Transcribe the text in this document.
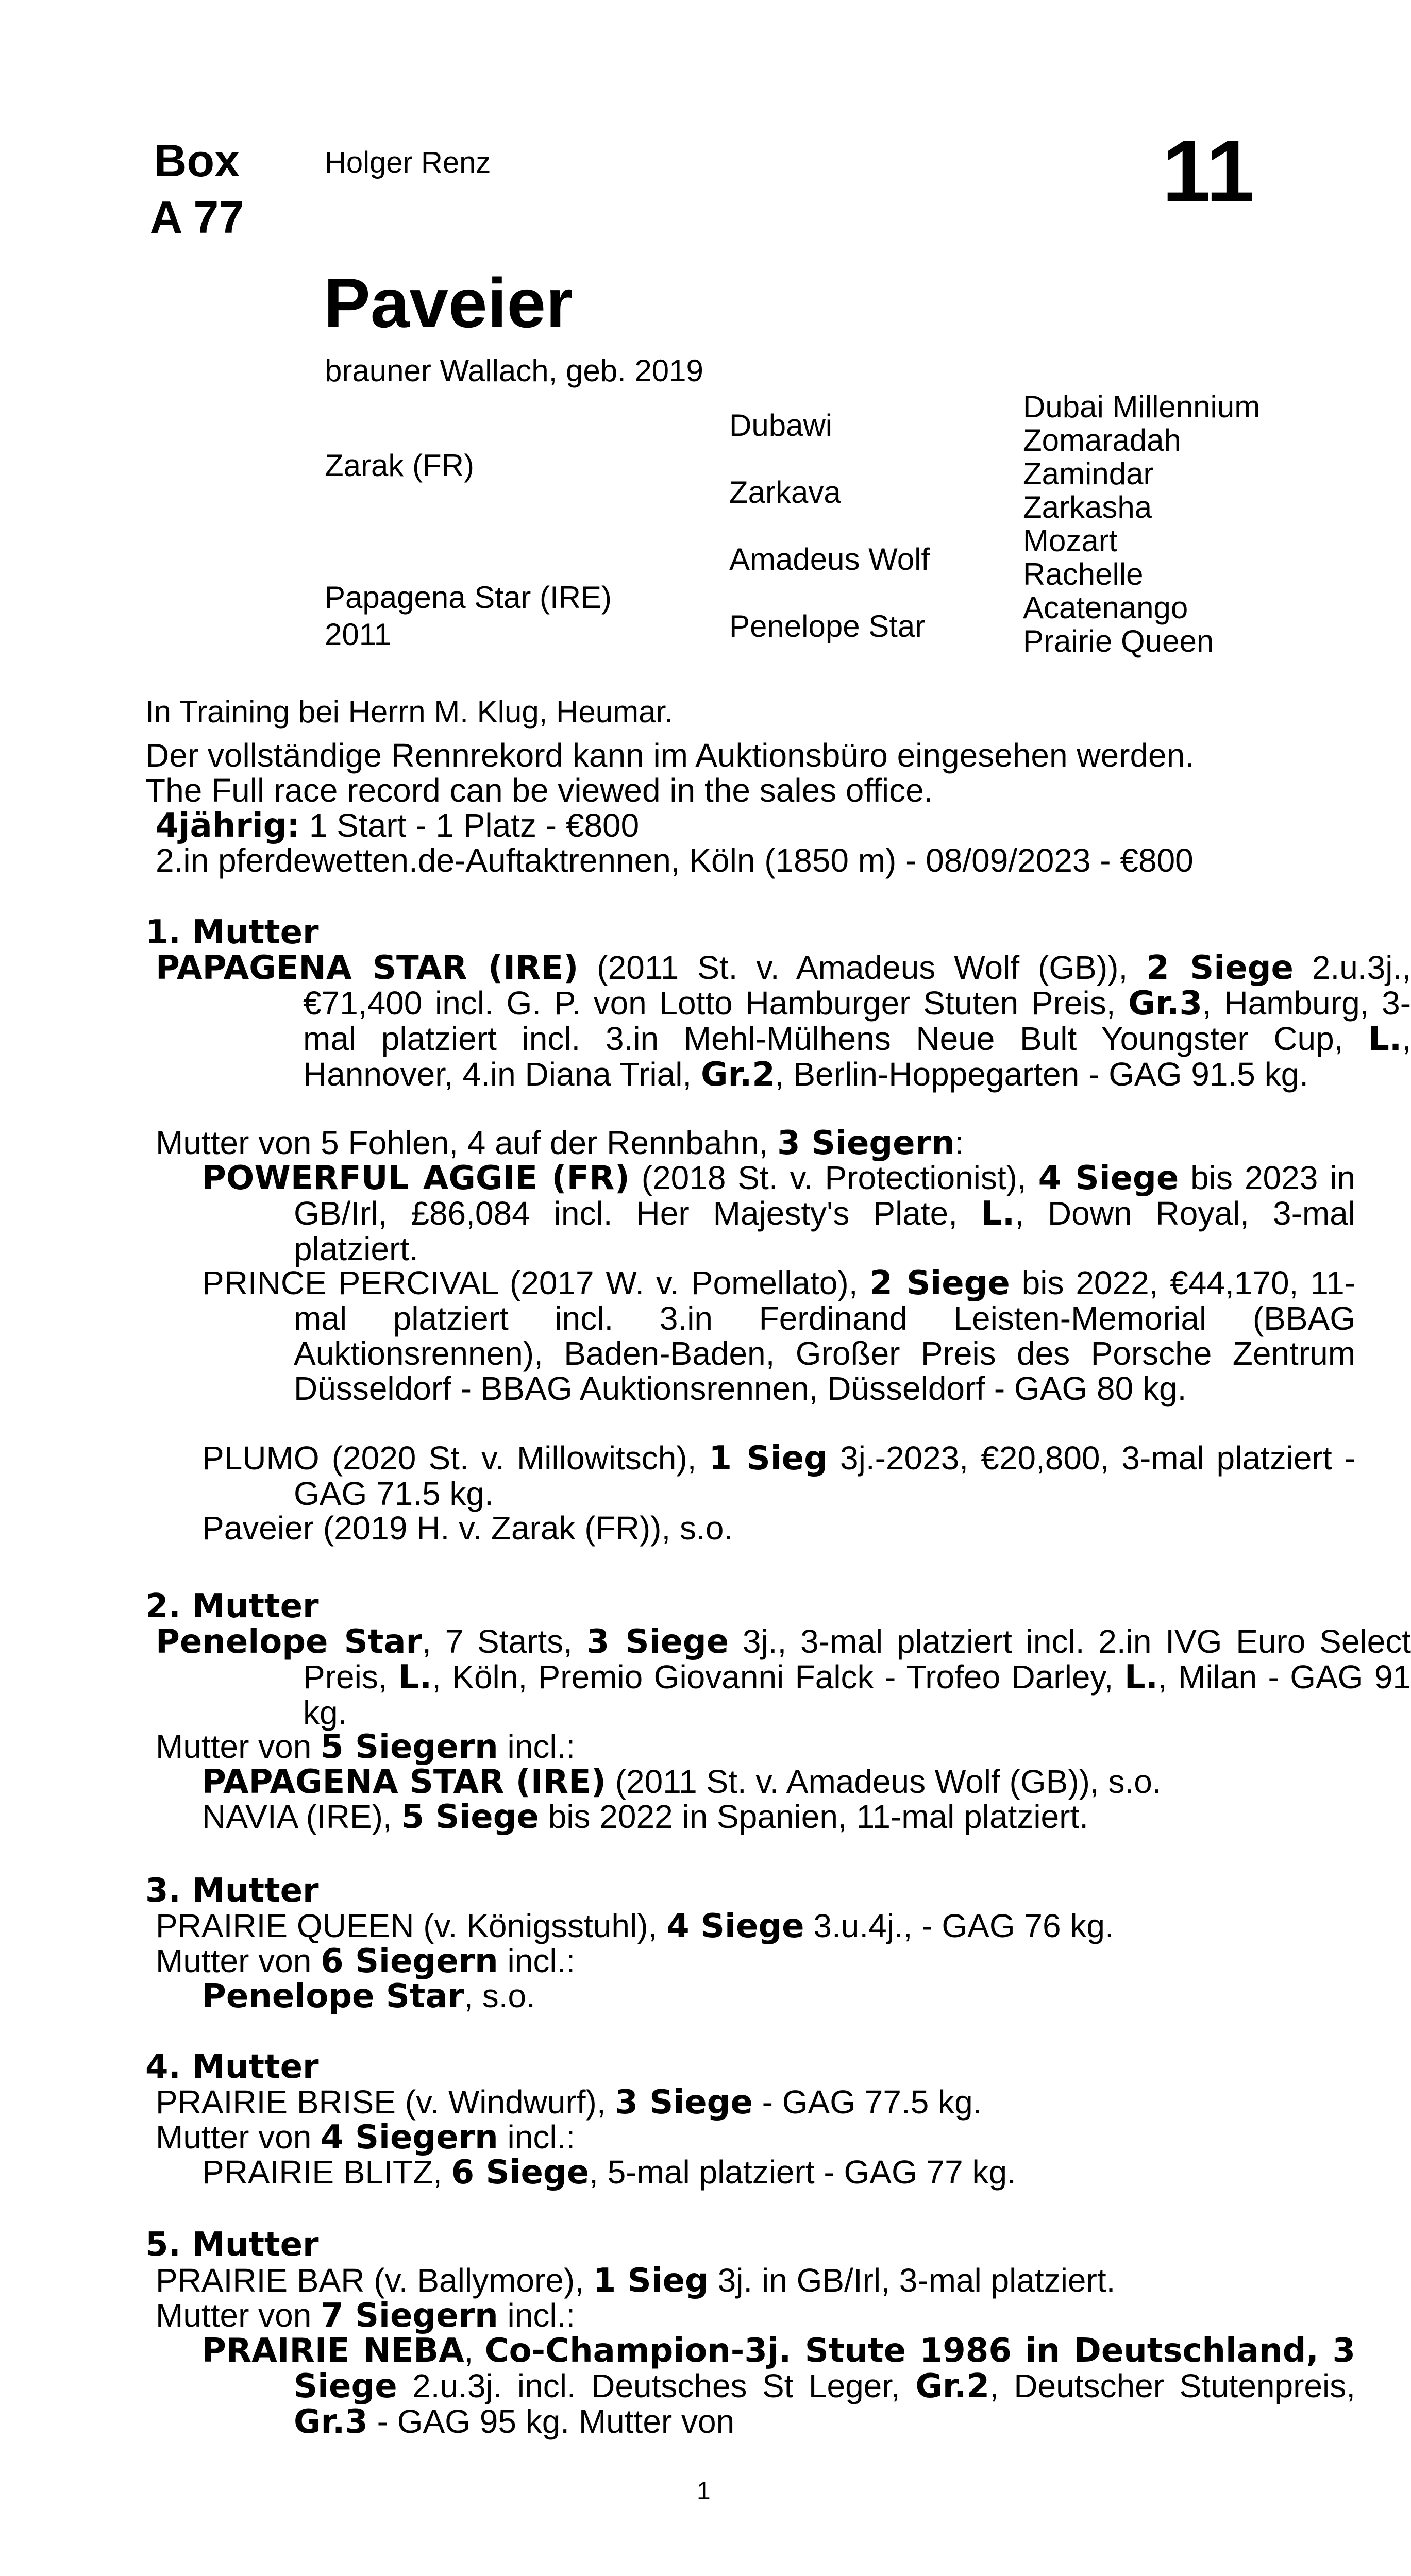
Box
A 77
Holger Renz	11
Paveier
brauner Wallach, geb. 2019
Zarak (FR)
Papagena Star (IRE)
2011
Dubawi
Zarkava
Amadeus Wolf
Penelope Star
Dubai Millennium
Zomaradah
Zamindar
Zarkasha
Mozart
Rachelle
Acatenango
Prairie Queen
In Training bei Herrn M. Klug, Heumar.
Der vollständige Rennrekord kann im Auktionsbüro eingesehen werden.
The Full race record can be viewed in the sales office.
4jährig: 1 Start - 1 Platz - €800
2.in pferdewetten.de-Auftaktrennen, Köln (1850 m) - 08/09/2023 - €800
1. Mutter
PAPAGENA STAR (IRE) (2011 St. v. Amadeus Wolf (GB)), 2 Siege 2.u.3j., €71,400 incl. G. P. von Lotto Hamburger Stuten Preis, Gr.3, Hamburg, 3-mal platziert incl. 3.in Mehl-Mülhens Neue Bult Youngster Cup, L., Hannover, 4.in Diana Trial, Gr.2, Berlin-Hoppegarten - GAG 91.5 kg.
Mutter von 5 Fohlen, 4 auf der Rennbahn, 3 Siegern:
POWERFUL AGGIE (FR) (2018 St. v. Protectionist), 4 Siege bis 2023 in GB/Irl, £86,084 incl. Her Majesty's Plate, L., Down Royal, 3-mal platziert.
PRINCE PERCIVAL (2017 W. v. Pomellato), 2 Siege bis 2022, €44,170, 11-mal platziert incl. 3.in Ferdinand Leisten-Memorial (BBAG Auktionsrennen), Baden-Baden, Großer Preis des Porsche Zentrum Düsseldorf - BBAG Auktionsrennen, Düsseldorf - GAG 80 kg.
PLUMO (2020 St. v. Millowitsch), 1 Sieg 3j.-2023, €20,800, 3-mal platziert - GAG 71.5 kg.
Paveier (2019 H. v. Zarak (FR)), s.o.
2. Mutter
Penelope Star, 7 Starts, 3 Siege 3j., 3-mal platziert incl. 2.in IVG Euro Select Preis, L., Köln, Premio Giovanni Falck - Trofeo Darley, L., Milan - GAG 91 kg.
Mutter von 5 Siegern incl.:
PAPAGENA STAR (IRE) (2011 St. v. Amadeus Wolf (GB)), s.o.
NAVIA (IRE), 5 Siege bis 2022 in Spanien, 11-mal platziert.
3. Mutter
PRAIRIE QUEEN (v. Königsstuhl), 4 Siege 3.u.4j., - GAG 76 kg.
Mutter von 6 Siegern incl.:
Penelope Star, s.o.
4. Mutter
PRAIRIE BRISE (v. Windwurf), 3 Siege - GAG 77.5 kg.
Mutter von 4 Siegern incl.:
PRAIRIE BLITZ, 6 Siege, 5-mal platziert - GAG 77 kg.
5. Mutter
PRAIRIE BAR (v. Ballymore), 1 Sieg 3j. in GB/Irl, 3-mal platziert.
Mutter von 7 Siegern incl.:
PRAIRIE NEBA, Co-Champion-3j. Stute 1986 in Deutschland, 3 Siege 2.u.3j. incl. Deutsches St Leger, Gr.2, Deutscher Stutenpreis, Gr.3 - GAG 95 kg. Mutter von
1
